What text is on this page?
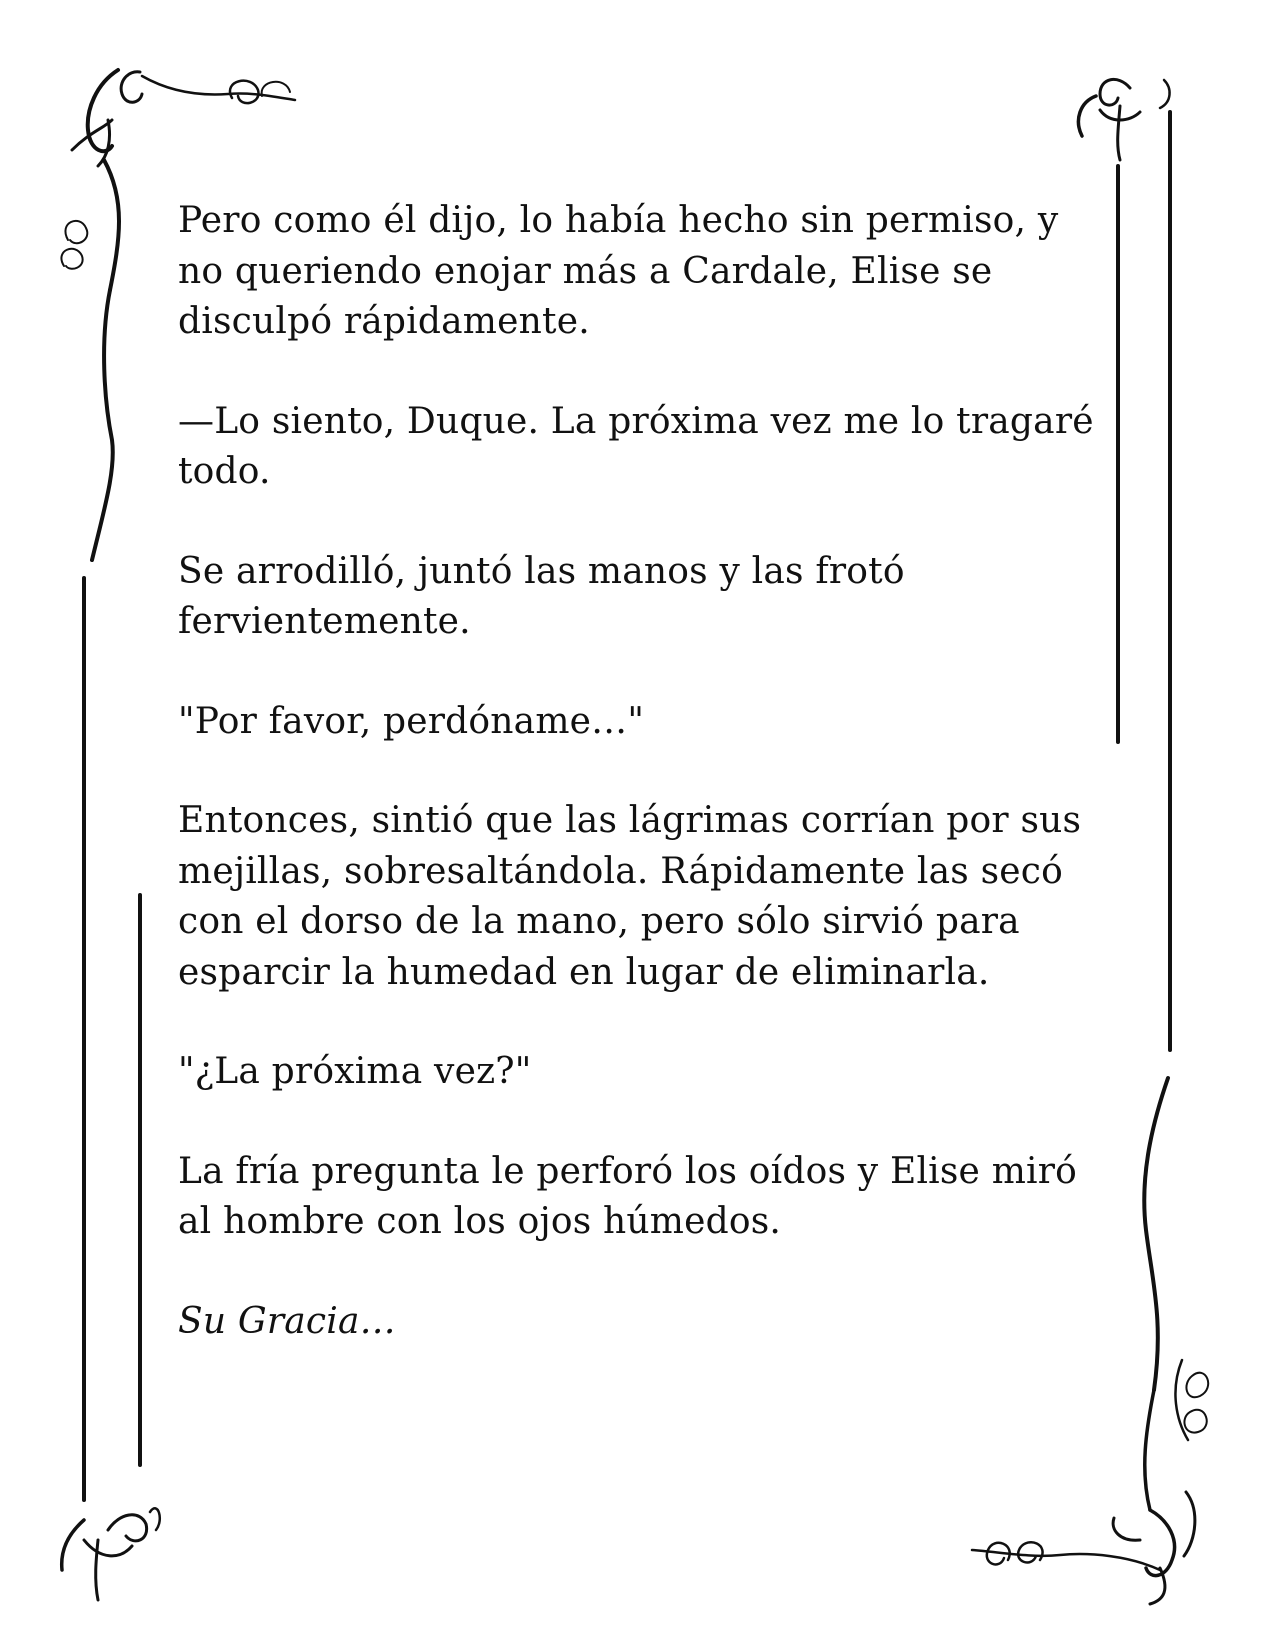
Pero como él dijo, lo había hecho sin permiso, y no queriendo enojar más a Cardale, Elise se disculpó rápidamente.

—Lo siento, Duque. La próxima vez me lo tragaré todo.

Se arrodilló, juntó las manos y las frotó fervientemente.

"Por favor, perdóname…"

Entonces, sintió que las lágrimas corrían por sus mejillas, sobresaltándola. Rápidamente las secó con el dorso de la mano, pero sólo sirvió para esparcir la humedad en lugar de eliminarla.

"¿La próxima vez?"

La fría pregunta le perforó los oídos y Elise miró al hombre con los ojos húmedos.

Su Gracia…
